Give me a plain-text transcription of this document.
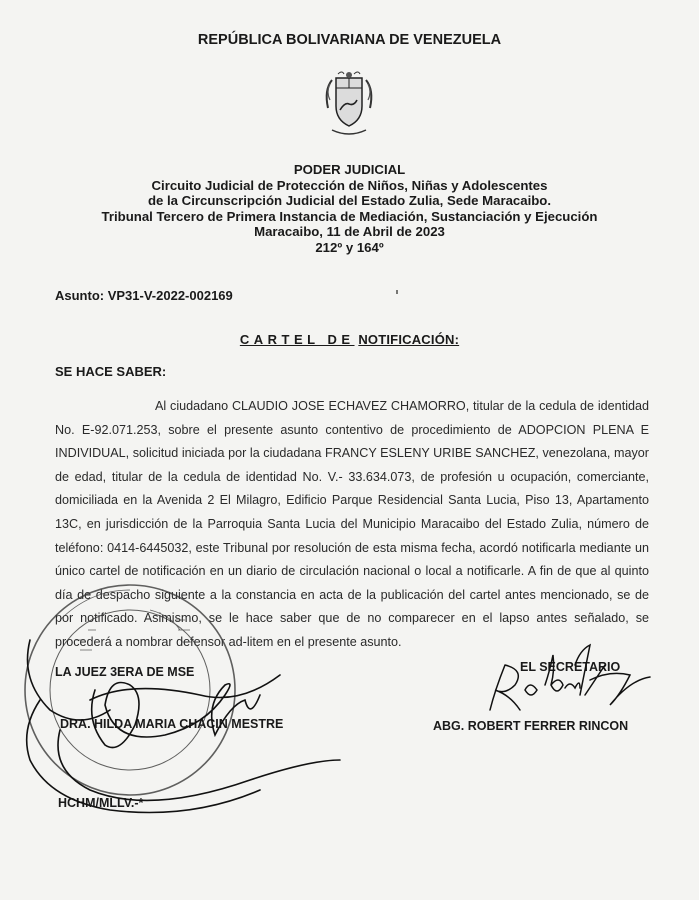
REPÚBLICA BOLIVARIANA DE VENEZUELA
PODER JUDICIAL
Circuito Judicial de Protección de Niños, Niñas y Adolescentes
de la Circunscripción Judicial del Estado Zulia, Sede Maracaibo.
Tribunal Tercero de Primera Instancia de Mediación, Sustanciación y Ejecución
Maracaibo, 11 de Abril de 2023
212º y 164º
Asunto: VP31-V-2022-002169
CARTEL DE NOTIFICACIÓN:
SE HACE SABER:
Al ciudadano CLAUDIO JOSE ECHAVEZ CHAMORRO, titular de la cedula de identidad No. E-92.071.253, sobre el presente asunto contentivo de procedimiento de ADOPCION PLENA E INDIVIDUAL, solicitud iniciada por la ciudadana FRANCY ESLENY URIBE SANCHEZ, venezolana, mayor de edad, titular de la cedula de identidad No. V.- 33.634.073, de profesión u ocupación, comerciante, domiciliada en la Avenida 2 El Milagro, Edificio Parque Residencial Santa Lucia, Piso 13, Apartamento 13C, en jurisdicción de la Parroquia Santa Lucia del Municipio Maracaibo del Estado Zulia, número de teléfono: 0414-6445032, este Tribunal por resolución de esta misma fecha, acordó notificarla mediante un único cartel de notificación en un diario de circulación nacional o local a notificarle. A fin de que al quinto día de despacho siguiente a la constancia en acta de la publicación del cartel antes mencionado, se de por notificado. Asimismo, se le hace saber que de no comparecer en el lapso antes señalado, se procederá a nombrar defensor ad-litem en el presente asunto.
LA JUEZ 3ERA DE MSE
DRA. HILDA MARIA CHACIN MESTRE
EL SECRETARIO
ABG. ROBERT FERRER RINCON
HCHM/MLLV.-*
